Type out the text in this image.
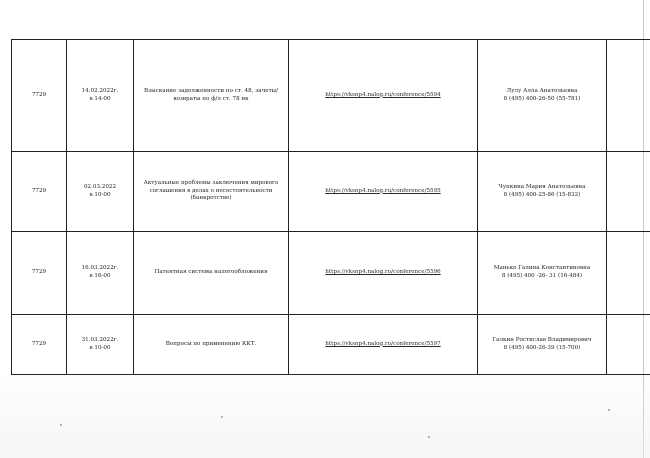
7729	14.02.2022г.
в 14-00	Взыскание задолженности по ст. 48, зачеты/возвраты по ф/л ст. 78 нк	https://vksnp4.nalog.ru/conference/5594	Лулу Алла Анатольевна
8 (495) 400-26-50 (55-781)	

7729	02.03.2022
в 10-00	Актуальные проблемы заключения мирового соглашения в делах о несостоятельности (банкротстве)	https://vksnp4.nalog.ru/conference/5595	Чупкина Мария Анатольевна
8 (495) 400-25-86 (15-832)	

7729	16.03.2022г.
в 16-00	Патентная система налогообложения	https://vksnp4.nalog.ru/conference/5596	Манько Галина Константиновна
8 (495) 400 -26- 31 (16-484)	

7729	31.03.2022г.
в 10-00	Вопросы по применению ККТ.	https://vksnp4.nalog.ru/conference/5597	Галкин Ростислав Владимирович
8 (495) 400-26-39 (15-700)	
